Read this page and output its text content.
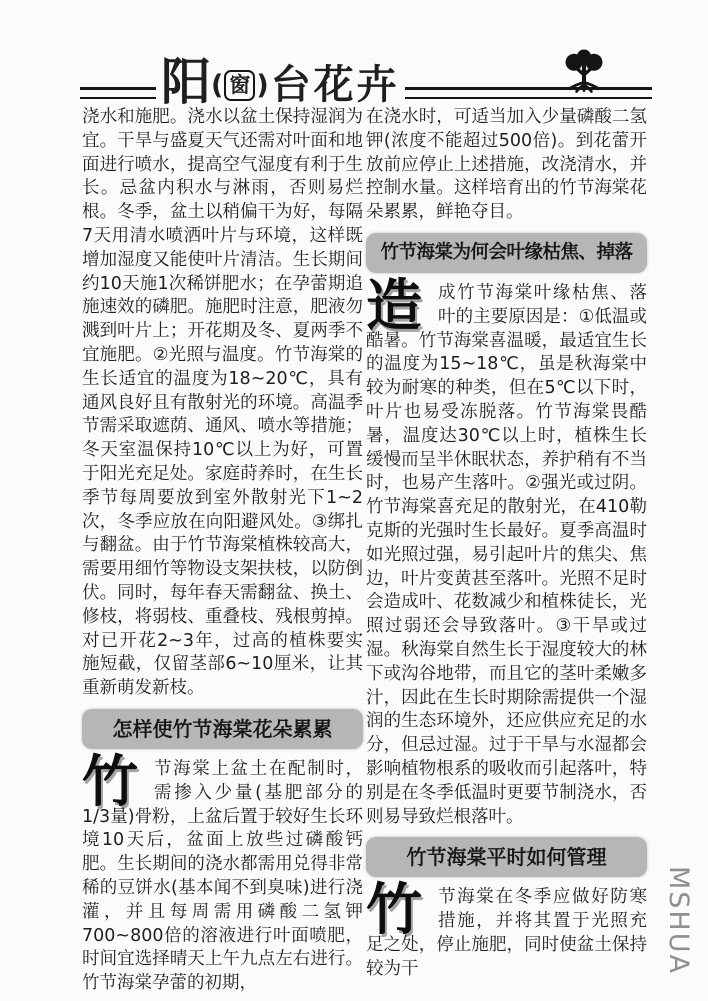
阳 ( 窗 ) 台花卉

浇水和施肥。浇水以盆土保持湿润为宜。干旱与盛夏天气还需对叶面和地面进行喷水，提高空气湿度有利于生长。忌盆内积水与淋雨，否则易烂根。冬季，盆土以稍偏干为好，每隔7天用清水喷洒叶片与环境，这样既增加湿度又能使叶片清洁。生长期间约10天施1次稀饼肥水；在孕蕾期追施速效的磷肥。施肥时注意，肥液勿溅到叶片上；开花期及冬、夏两季不宜施肥。②光照与温度。竹节海棠的生长适宜的温度为18~20℃，具有通风良好且有散射光的环境。高温季节需采取遮荫、通风、喷水等措施；冬天室温保持10℃以上为好，可置于阳光充足处。家庭莳养时，在生长季节每周要放到室外散射光下1~2次，冬季应放在向阳避风处。③绑扎与翻盆。由于竹节海棠植株较高大，需要用细竹等物设支架扶枝，以防倒伏。同时，每年春天需翻盆、换土、修枝，将弱枝、重叠枝、残根剪掉。对已开花2~3年，过高的植株要实施短截，仅留茎部6~10厘米，让其重新萌发新枝。

怎样使竹节海棠花朵累累

竹节海棠上盆土在配制时，需掺入少量(基肥部分的1/3量)骨粉，上盆后置于较好生长环境10天后，盆面上放些过磷酸钙肥。生长期间的浇水都需用兑得非常稀的豆饼水(基本闻不到臭味)进行浇灌，并且每周需用磷酸二氢钾700~800倍的溶液进行叶面喷肥，时间宜选择晴天上午九点左右进行。竹节海棠孕蕾的初期，

在浇水时，可适当加入少量磷酸二氢钾(浓度不能超过500倍)。到花蕾开放前应停止上述措施，改浇清水，并控制水量。这样培育出的竹节海棠花朵累累，鲜艳夺目。

竹节海棠为何会叶缘枯焦、掉落

造成竹节海棠叶缘枯焦、落叶的主要原因是：①低温或酷暑。竹节海棠喜温暖，最适宜生长的温度为15~18℃，虽是秋海棠中较为耐寒的种类，但在5℃以下时，叶片也易受冻脱落。竹节海棠畏酷暑，温度达30℃以上时，植株生长缓慢而呈半休眠状态，养护稍有不当时，也易产生落叶。②强光或过阴。竹节海棠喜充足的散射光，在410勒克斯的光强时生长最好。夏季高温时如光照过强，易引起叶片的焦尖、焦边，叶片变黄甚至落叶。光照不足时会造成叶、花数减少和植株徒长，光照过弱还会导致落叶。③干旱或过湿。秋海棠自然生长于湿度较大的林下或沟谷地带，而且它的茎叶柔嫩多汁，因此在生长时期除需提供一个湿润的生态环境外，还应供应充足的水分，但忌过湿。过于干旱与水湿都会影响植物根系的吸收而引起落叶，特别是在冬季低温时更要节制浇水，否则易导致烂根落叶。

竹节海棠平时如何管理

竹节海棠在冬季应做好防寒措施，并将其置于光照充足之处，停止施肥，同时使盆土保持较为干	MSHUA
